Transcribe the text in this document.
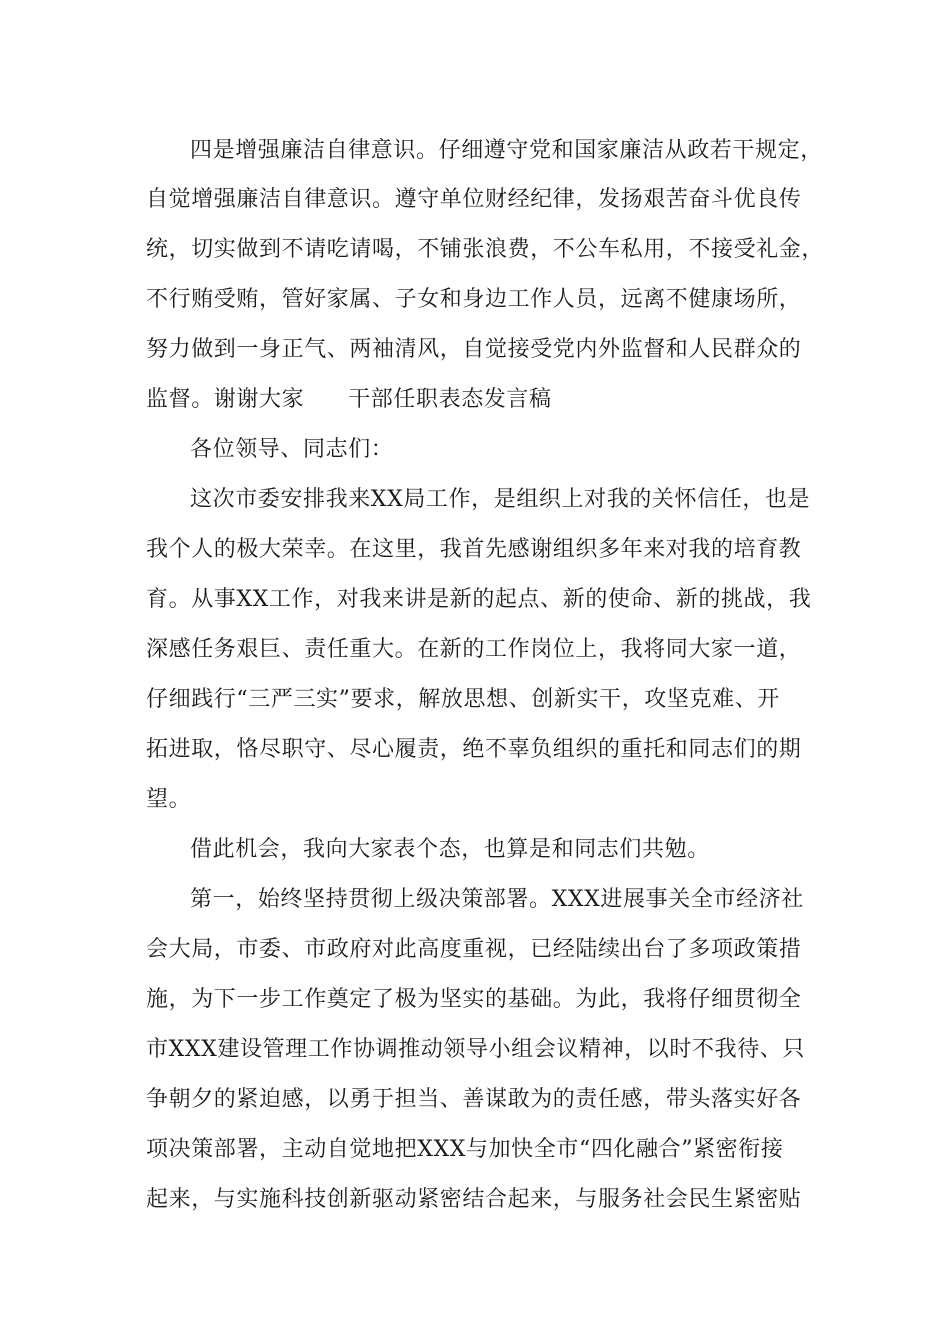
四是增强廉洁自律意识。仔细遵守党和国家廉洁从政若干规定，
自觉增强廉洁自律意识。遵守单位财经纪律，发扬艰苦奋斗优良传
统，切实做到不请吃请喝，不铺张浪费，不公车私用，不接受礼金，
不行贿受贿，管好家属、子女和身边工作人员，远离不健康场所，
努力做到一身正气、两袖清风，自觉接受党内外监督和人民群众的
监督。谢谢大家 干部任职表态发言稿
各位领导、同志们：
这次市委安排我来XX局工作，是组织上对我的关怀信任，也是
我个人的极大荣幸。在这里，我首先感谢组织多年来对我的培育教
育。从事XX工作，对我来讲是新的起点、新的使命、新的挑战，我
深感任务艰巨、责任重大。在新的工作岗位上，我将同大家一道，
仔细践行“三严三实”要求，解放思想、创新实干，攻坚克难、开
拓进取，恪尽职守、尽心履责，绝不辜负组织的重托和同志们的期
望。
借此机会，我向大家表个态，也算是和同志们共勉。
第一，始终坚持贯彻上级决策部署。XXX进展事关全市经济社
会大局，市委、市政府对此高度重视，已经陆续出台了多项政策措
施，为下一步工作奠定了极为坚实的基础。为此，我将仔细贯彻全
市XXX建设管理工作协调推动领导小组会议精神，以时不我待、只
争朝夕的紧迫感，以勇于担当、善谋敢为的责任感，带头落实好各
项决策部署，主动自觉地把XXX与加快全市“四化融合”紧密衔接
起来，与实施科技创新驱动紧密结合起来，与服务社会民生紧密贴
